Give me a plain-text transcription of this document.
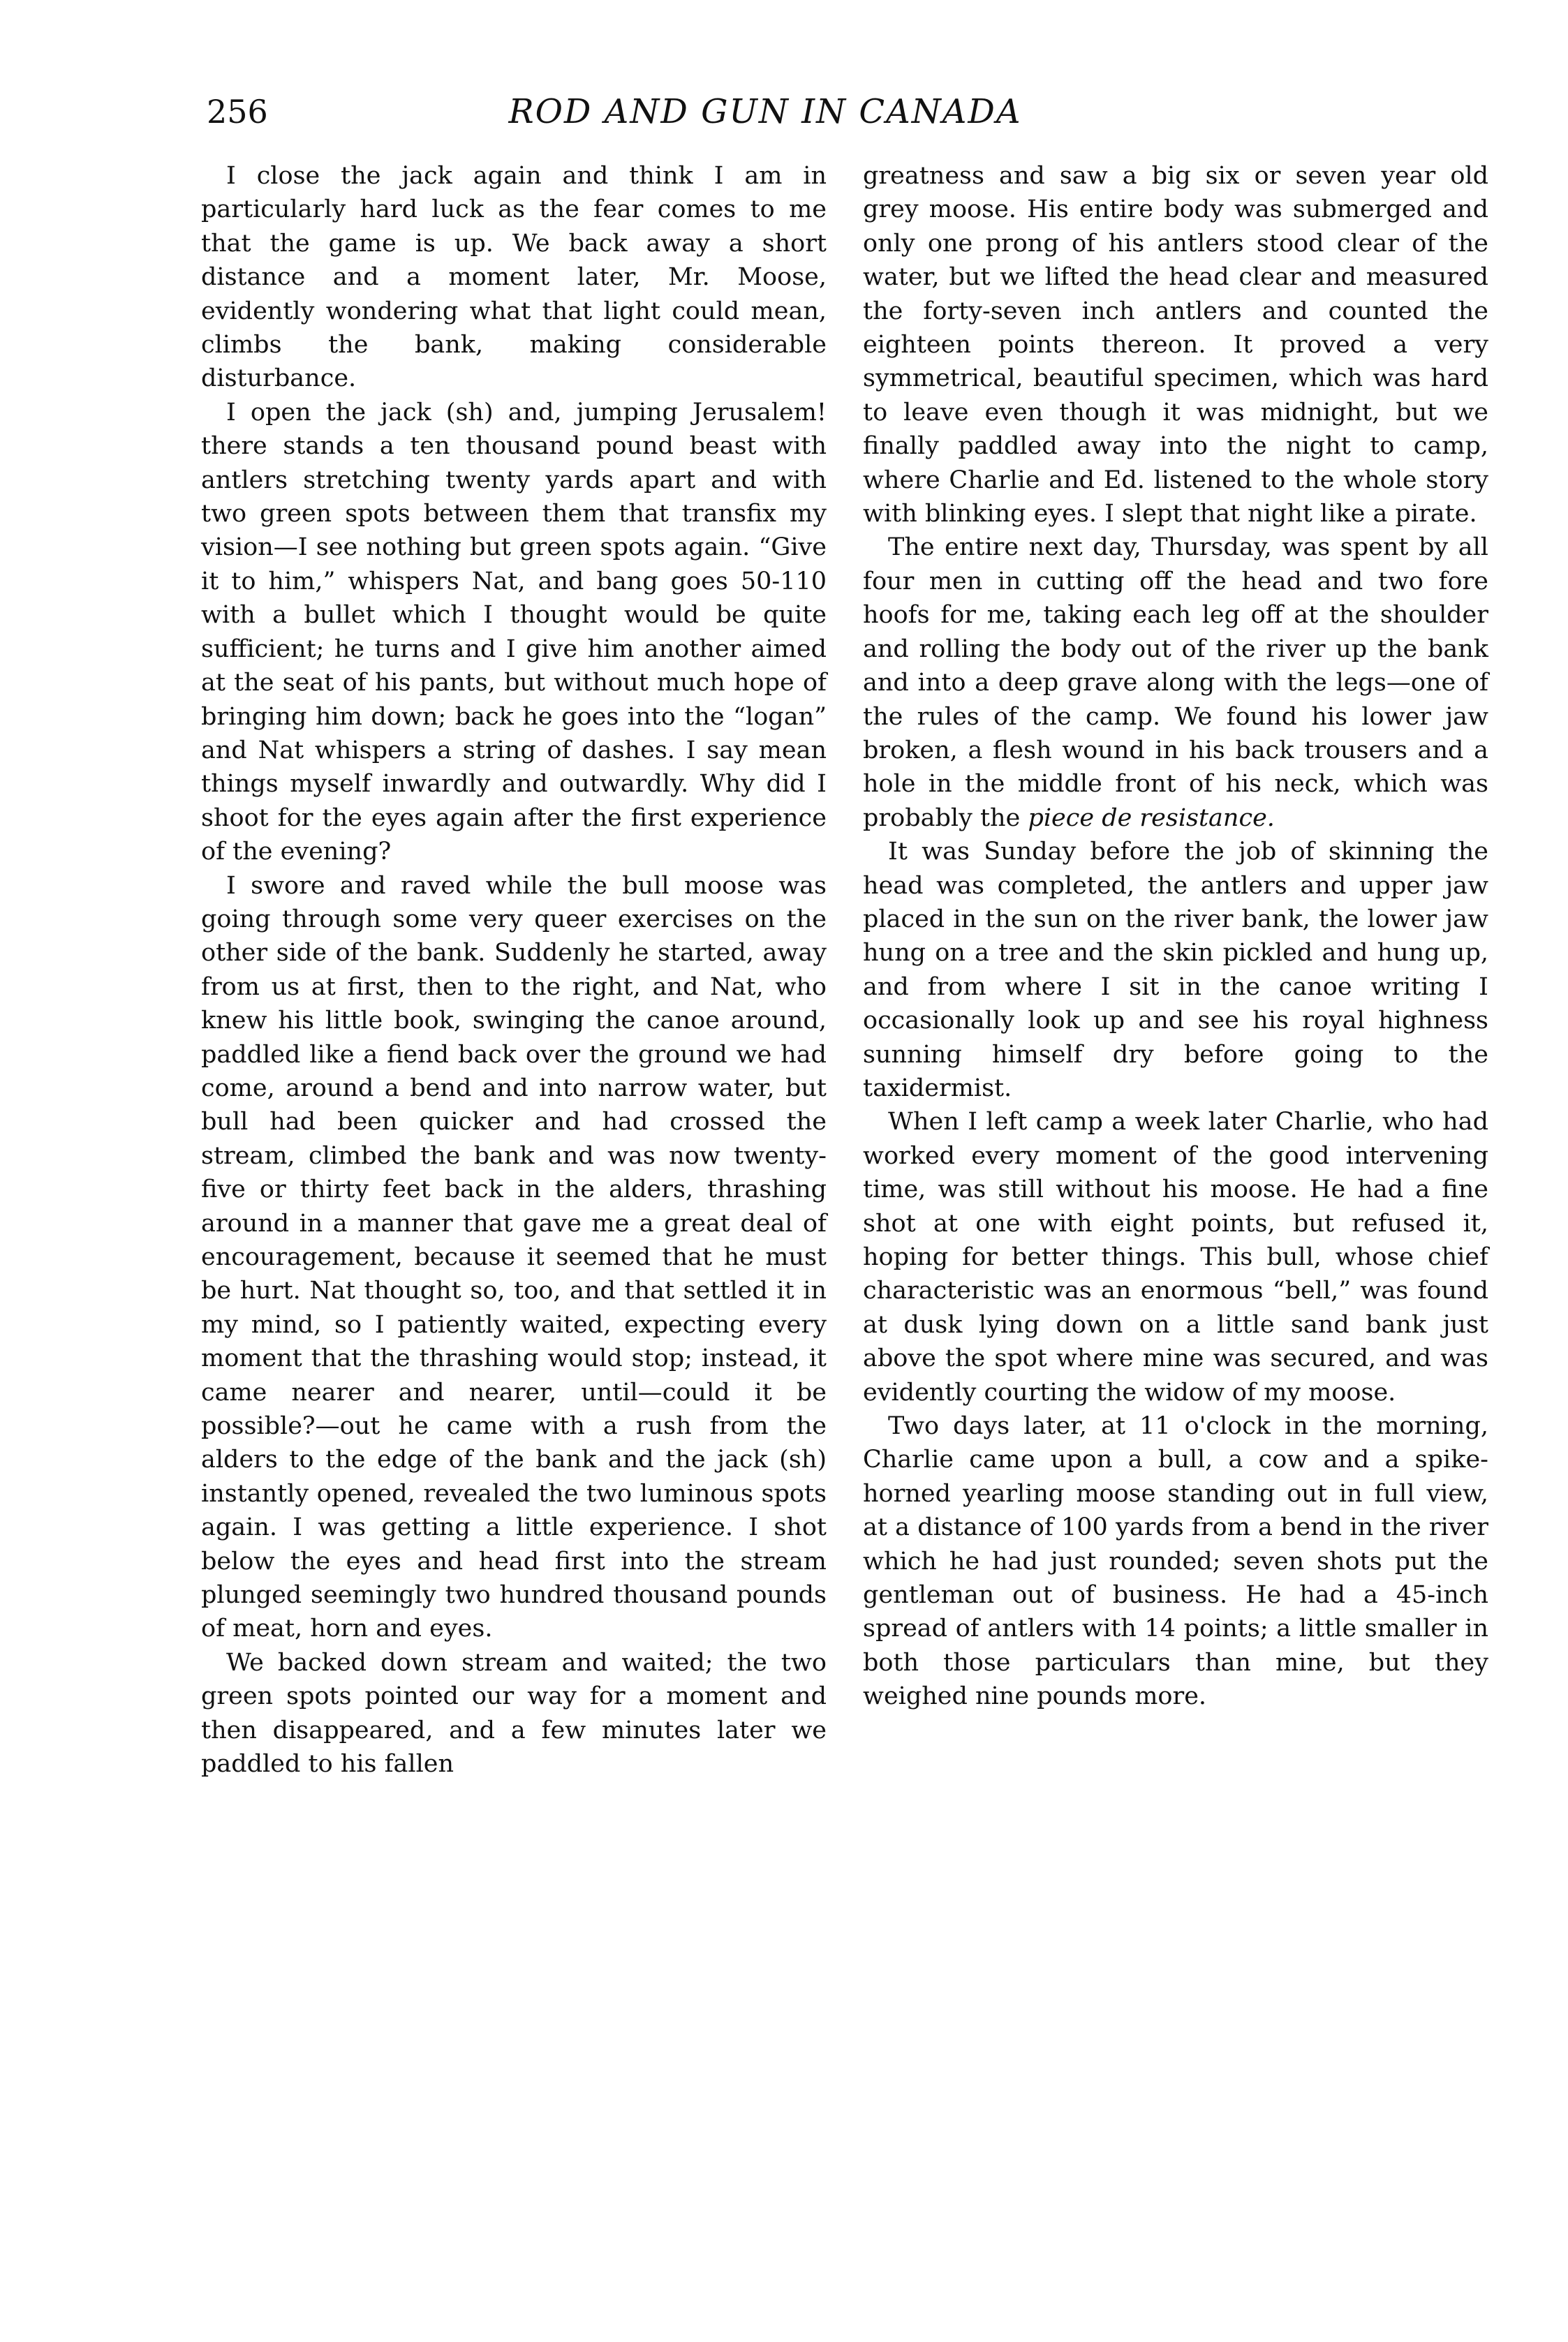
256	ROD AND GUN IN CANADA

I close the jack again and think I am in particularly hard luck as the fear comes to me that the game is up. We back away a short distance and a moment later, Mr. Moose, evidently wondering what that light could mean, climbs the bank, making considerable disturbance.

I open the jack (sh) and, jumping Jerusalem! there stands a ten thousand pound beast with antlers stretching twenty yards apart and with two green spots between them that transfix my vision—I see nothing but green spots again. “Give it to him,” whispers Nat, and bang goes 50-110 with a bullet which I thought would be quite sufficient; he turns and I give him another aimed at the seat of his pants, but without much hope of bringing him down; back he goes into the “logan” and Nat whispers a string of dashes. I say mean things myself inwardly and outwardly. Why did I shoot for the eyes again after the first experience of the evening?

I swore and raved while the bull moose was going through some very queer exercises on the other side of the bank. Suddenly he started, away from us at first, then to the right, and Nat, who knew his little book, swinging the canoe around, paddled like a fiend back over the ground we had come, around a bend and into narrow water, but bull had been quicker and had crossed the stream, climbed the bank and was now twenty-five or thirty feet back in the alders, thrashing around in a manner that gave me a great deal of encouragement, because it seemed that he must be hurt. Nat thought so, too, and that settled it in my mind, so I patiently waited, expecting every moment that the thrashing would stop; instead, it came nearer and nearer, until—could it be possible?—out he came with a rush from the alders to the edge of the bank and the jack (sh) instantly opened, revealed the two luminous spots again. I was getting a little experience. I shot below the eyes and head first into the stream plunged seemingly two hundred thousand pounds of meat, horn and eyes.

We backed down stream and waited; the two green spots pointed our way for a moment and then disappeared, and a few minutes later we paddled to his fallen

greatness and saw a big six or seven year old grey moose. His entire body was submerged and only one prong of his antlers stood clear of the water, but we lifted the head clear and measured the forty-seven inch antlers and counted the eighteen points thereon. It proved a very symmetrical, beautiful specimen, which was hard to leave even though it was midnight, but we finally paddled away into the night to camp, where Charlie and Ed. listened to the whole story with blinking eyes. I slept that night like a pirate.

The entire next day, Thursday, was spent by all four men in cutting off the head and two fore hoofs for me, taking each leg off at the shoulder and rolling the body out of the river up the bank and into a deep grave along with the legs—one of the rules of the camp. We found his lower jaw broken, a flesh wound in his back trousers and a hole in the middle front of his neck, which was probably the piece de resistance.

It was Sunday before the job of skinning the head was completed, the antlers and upper jaw placed in the sun on the river bank, the lower jaw hung on a tree and the skin pickled and hung up, and from where I sit in the canoe writing I occasionally look up and see his royal highness sunning himself dry before going to the taxidermist.

When I left camp a week later Charlie, who had worked every moment of the good intervening time, was still without his moose. He had a fine shot at one with eight points, but refused it, hoping for better things. This bull, whose chief characteristic was an enormous “bell,” was found at dusk lying down on a little sand bank just above the spot where mine was secured, and was evidently courting the widow of my moose.

Two days later, at 11 o'clock in the morning, Charlie came upon a bull, a cow and a spike-horned yearling moose standing out in full view, at a distance of 100 yards from a bend in the river which he had just rounded; seven shots put the gentleman out of business. He had a 45-inch spread of antlers with 14 points; a little smaller in both those particulars than mine, but they weighed nine pounds more.
